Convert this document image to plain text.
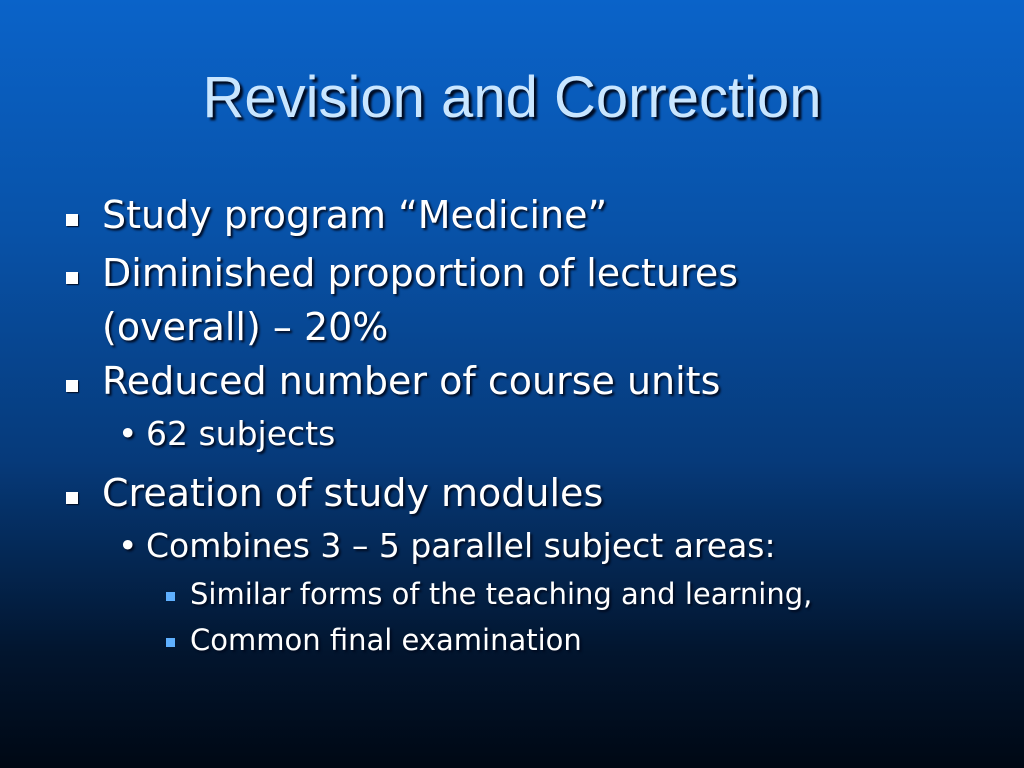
Revision and Correction
Study program “Medicine”
Diminished proportion of lectures
(overall) – 20%
Reduced number of course units
• 62 subjects
Creation of study modules
• Combines 3 – 5 parallel subject areas:
Similar forms of the teaching and learning,
Common final examination
